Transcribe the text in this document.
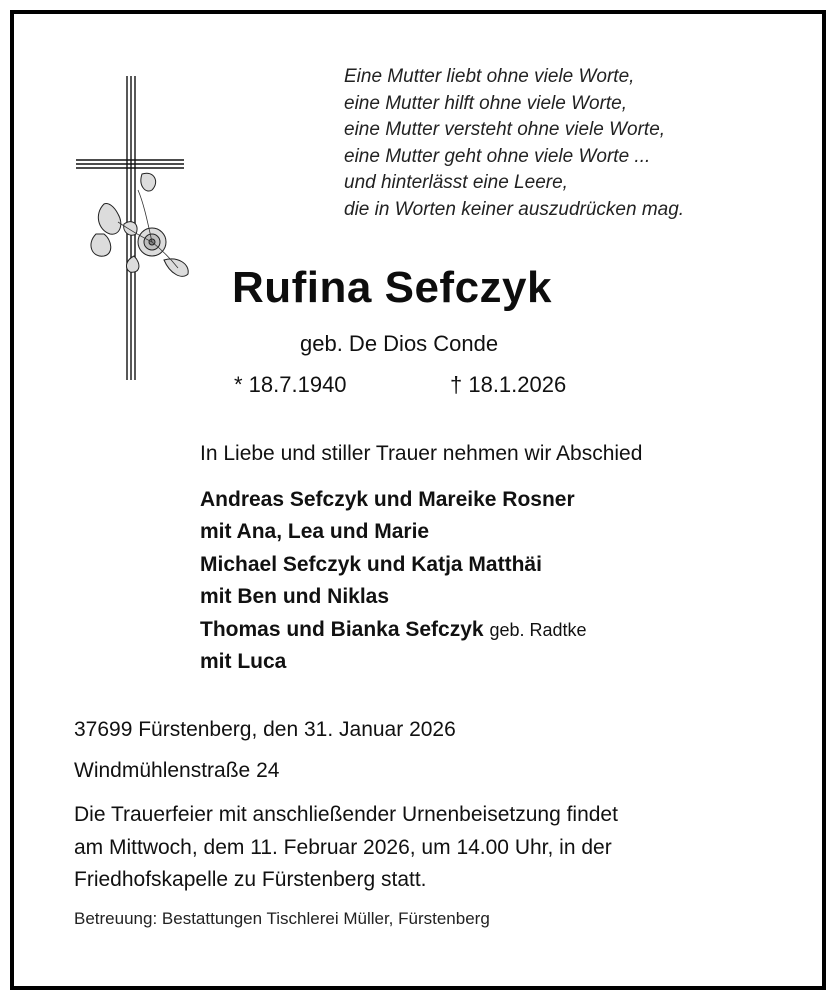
Eine Mutter liebt ohne viele Worte,
eine Mutter hilft ohne viele Worte,
eine Mutter versteht ohne viele Worte,
eine Mutter geht ohne viele Worte ...
und hinterlässt eine Leere,
die in Worten keiner auszudrücken mag.
Rufina Sefczyk
geb. De Dios Conde
* 18.7.1940	† 18.1.2026
In Liebe und stiller Trauer nehmen wir Abschied
Andreas Sefczyk und Mareike Rosner
mit Ana, Lea und Marie
Michael Sefczyk und Katja Matthäi
mit Ben und Niklas
Thomas und Bianka Sefczyk geb. Radtke
mit Luca
37699 Fürstenberg, den 31. Januar 2026
Windmühlenstraße 24
Die Trauerfeier mit anschließender Urnenbeisetzung findet
am Mittwoch, dem 11. Februar 2026, um 14.00 Uhr, in der
Friedhofskapelle zu Fürstenberg statt.
Betreuung: Bestattungen Tischlerei Müller, Fürstenberg
